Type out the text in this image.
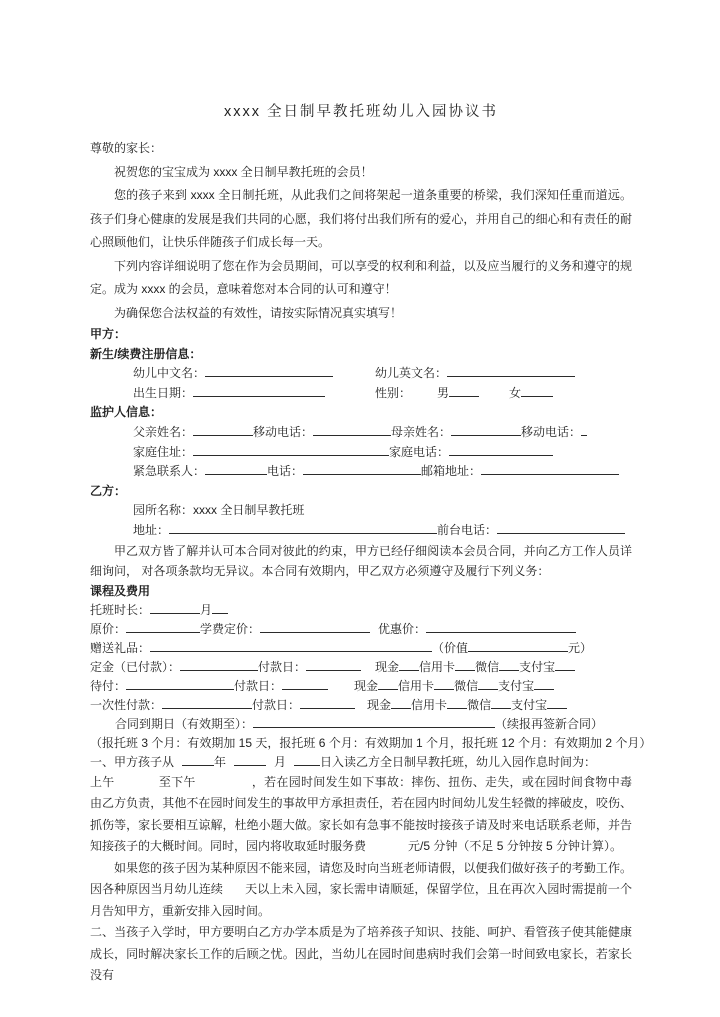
xxxx 全日制早教托班幼儿入园协议书

尊敬的家长：

祝贺您的宝宝成为 xxxx 全日制早教托班的会员！

您的孩子来到 xxxx 全日制托班，从此我们之间将架起一道条重要的桥梁，我们深知任重而道远。孩子们身心健康的发展是我们共同的心愿，我们将付出我们所有的爱心，并用自己的细心和有责任的耐心照顾他们，让快乐伴随孩子们成长每一天。

下列内容详细说明了您在作为会员期间，可以享受的权利和利益，以及应当履行的义务和遵守的规定。成为 xxxx 的会员，意味着您对本合同的认可和遵守！

为确保您合法权益的有效性，请按实际情况真实填写！

甲方：
新生/续费注册信息：
幼儿中文名：	幼儿英文名：
出生日期：	性别： 男	女
监护人信息：
父亲姓名：	移动电话：	母亲姓名：	移动电话：
家庭住址：	家庭电话：
紧急联系人：	电话：	邮箱地址：
乙方：
园所名称：xxxx 全日制早教托班
地址：	前台电话：

甲乙双方皆了解并认可本合同对彼此的约束，甲方已经仔细阅读本会员合同，并向乙方工作人员详细询问， 对各项条款均无异议。本合同有效期内，甲乙双方必须遵守及履行下列义务：

课程及费用
托班时长：	月
原价：	学费定价：	优惠价：
赠送礼品：	（价值	元）
定金（已付款）：	付款日：	现金 信用卡 微信 支付宝
待付：	付款日：	现金 信用卡 微信 支付宝
一次性付款：	付款日：	现金 信用卡 微信 支付宝
合同到期日（有效期至）：	（续报再签新合同）
（报托班 3 个月：有效期加 15 天，报托班 6 个月：有效期加 1 个月，报托班 12 个月：有效期加 2 个月）
一、甲方孩子从	年	月	日入读乙方全日制早教托班，幼儿入园作息时间为：

上午	至下午	，若在园时间发生如下事故：摔伤、扭伤、走失，或在园时间食物中毒由乙方负责，其他不在园时间发生的事故甲方承担责任，若在园内时间幼儿发生轻微的摔破皮，咬伤、抓伤等，家长要相互谅解，杜绝小题大做。家长如有急事不能按时接孩子请及时来电话联系老师，并告知接孩子的大概时间。同时，园内将收取延时服务费	元/5 分钟（不足 5 分钟按 5 分钟计算）。

如果您的孩子因为某种原因不能来园，请您及时向当班老师请假，以便我们做好孩子的考勤工作。因各种原因当月幼儿连续 天以上未入园，家长需申请顺延，保留学位，且在再次入园时需提前一个月告知甲方，重新安排入园时间。

二、当孩子入学时，甲方要明白乙方办学本质是为了培养孩子知识、技能、呵护、看管孩子使其能健康成长，同时解决家长工作的后顾之忧。因此，当幼儿在园时间患病时我们会第一时间致电家长，若家长没有
